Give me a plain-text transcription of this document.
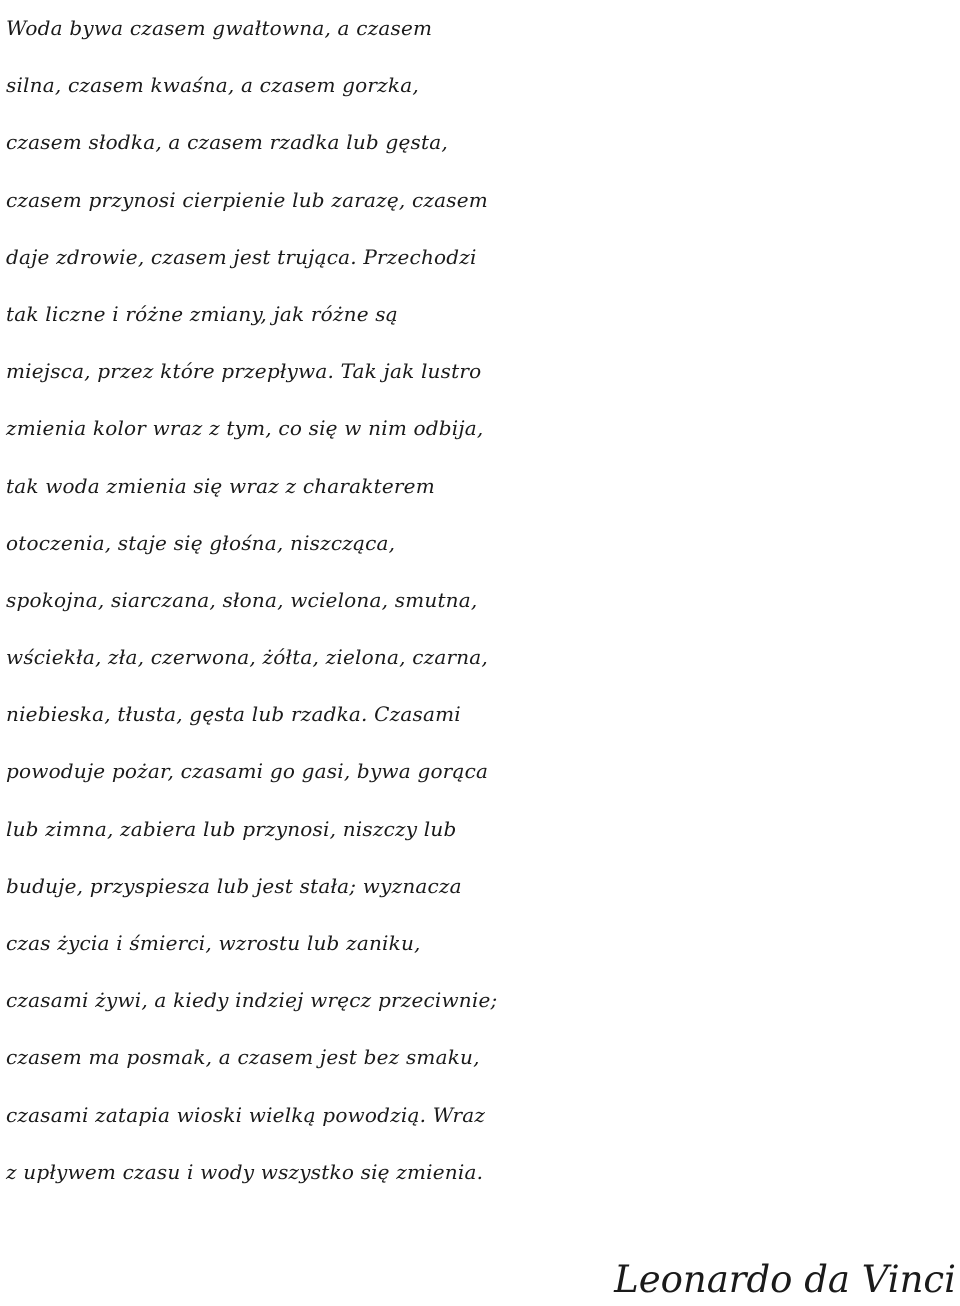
Woda bywa czasem gwałtowna, a czasem
silna, czasem kwaśna, a czasem gorzka,
czasem słodka, a czasem rzadka lub gęsta,
czasem przynosi cierpienie lub zarazę, czasem
daje zdrowie, czasem jest trująca. Przechodzi
tak liczne i różne zmiany, jak różne są
miejsca, przez które przepływa. Tak jak lustro
zmienia kolor wraz z tym, co się w nim odbija,
tak woda zmienia się wraz z charakterem
otoczenia, staje się głośna, niszcząca,
spokojna, siarczana, słona, wcielona, smutna,
wściekła, zła, czerwona, żółta, zielona, czarna,
niebieska, tłusta, gęsta lub rzadka. Czasami
powoduje pożar, czasami go gasi, bywa gorąca
lub zimna, zabiera lub przynosi, niszczy lub
buduje, przyspiesza lub jest stała; wyznacza
czas życia i śmierci, wzrostu lub zaniku,
czasami żywi, a kiedy indziej wręcz przeciwnie;
czasem ma posmak, a czasem jest bez smaku,
czasami zatapia wioski wielką powodzią. Wraz
z upływem czasu i wody wszystko się zmienia.
Leonardo da Vinci
